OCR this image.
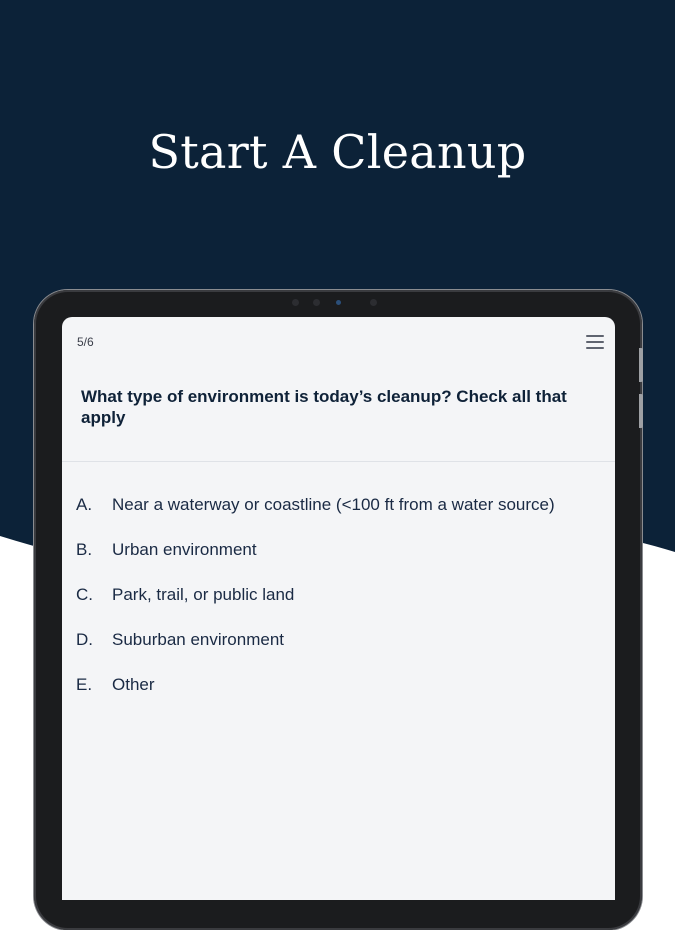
Start A Cleanup
5/6

What type of environment is today’s cleanup? Check all that apply

A.	Near a waterway or coastline (<100 ft from a water source)
B.	Urban environment
C.	Park, trail, or public land
D.	Suburban environment
E.	Other
